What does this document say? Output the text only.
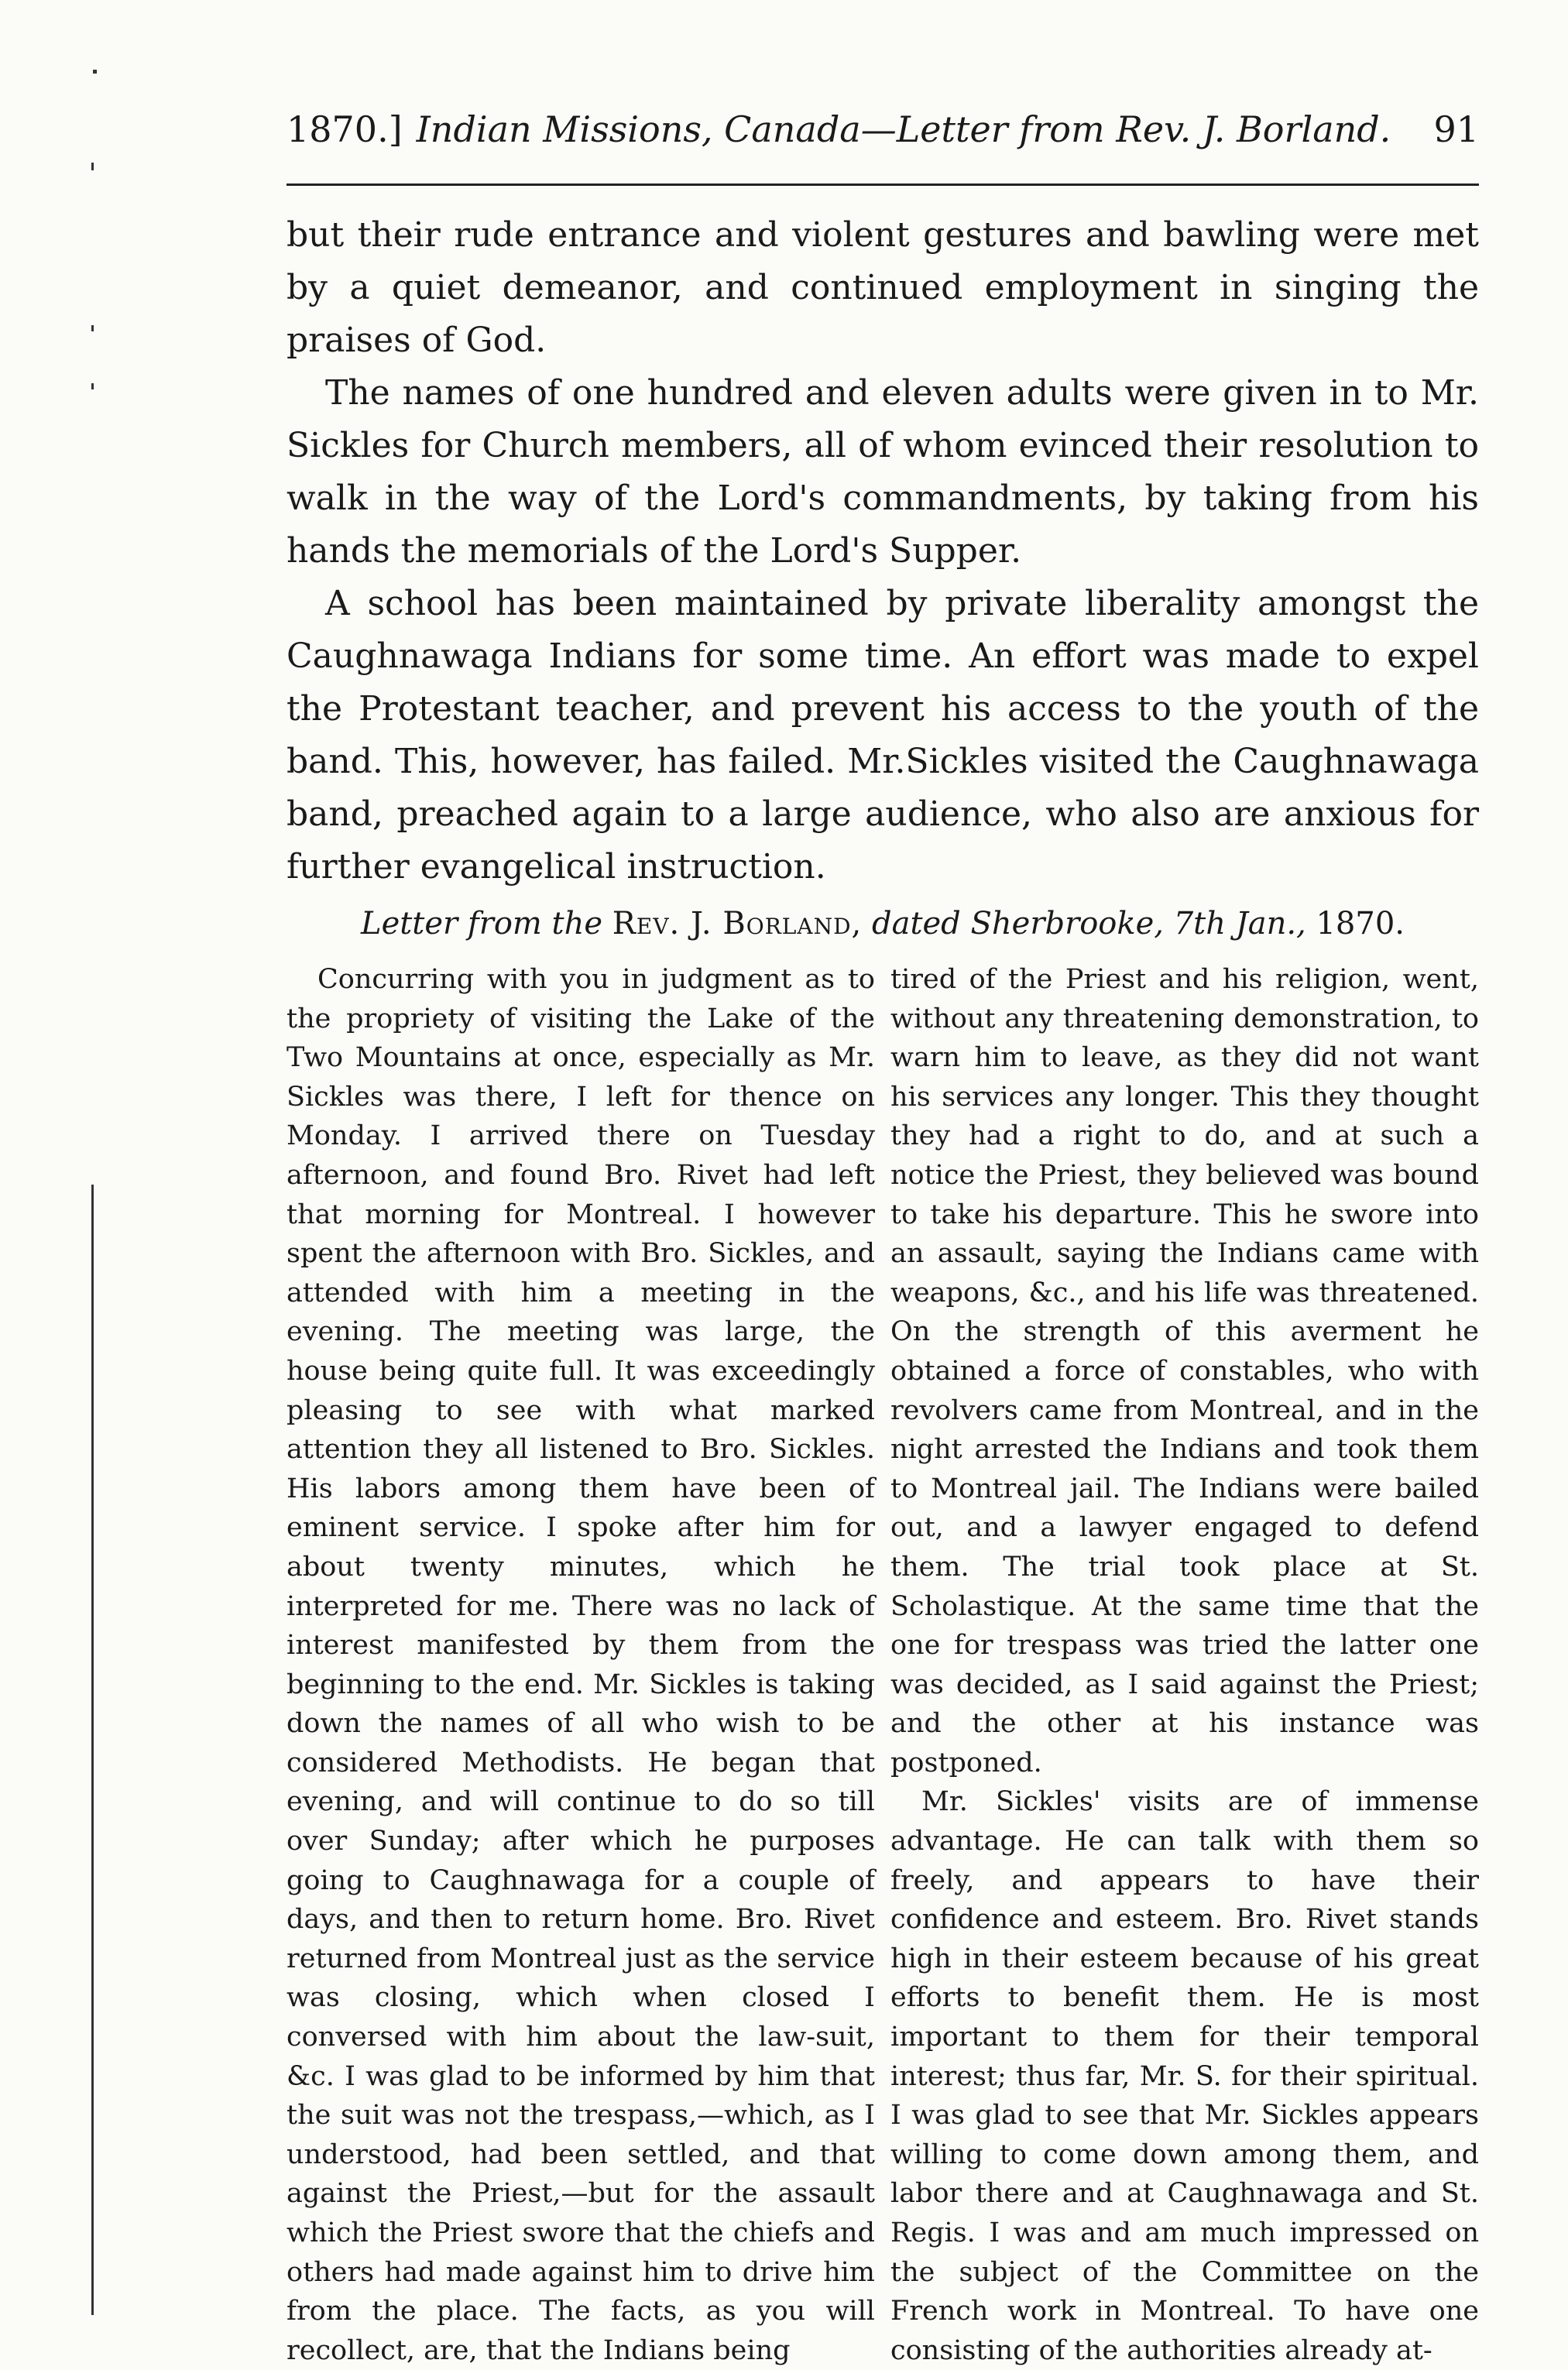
1870.] Indian Missions, Canada—Letter from Rev. J. Borland.	91

but their rude entrance and violent gestures and bawling were met by a quiet demeanor, and continued employment in singing the praises of God.

The names of one hundred and eleven adults were given in to Mr. Sickles for Church members, all of whom evinced their resolution to walk in the way of the Lord's commandments, by taking from his hands the memorials of the Lord's Supper.

A school has been maintained by private liberality amongst the Caughnawaga Indians for some time. An effort was made to expel the Protestant teacher, and prevent his access to the youth of the band. This, however, has failed. Mr.Sickles visited the Caughnawaga band, preached again to a large audience, who also are anxious for further evangelical instruction.

Letter from the Rev. J. Borland, dated Sherbrooke, 7th Jan., 1870.

Concurring with you in judgment as to the propriety of visiting the Lake of the Two Mountains at once, especially as Mr. Sickles was there, I left for thence on Monday. I arrived there on Tuesday afternoon, and found Bro. Rivet had left that morning for Montreal. I however spent the afternoon with Bro. Sickles, and attended with him a meeting in the evening. The meeting was large, the house being quite full. It was exceedingly pleasing to see with what marked attention they all listened to Bro. Sickles. His labors among them have been of eminent service. I spoke after him for about twenty minutes, which he interpreted for me. There was no lack of interest manifested by them from the beginning to the end. Mr. Sickles is taking down the names of all who wish to be considered Methodists. He began that evening, and will continue to do so till over Sunday; after which he purposes going to Caughnawaga for a couple of days, and then to return home. Bro. Rivet returned from Montreal just as the service was closing, which when closed I conversed with him about the law-suit, &c. I was glad to be informed by him that the suit was not the trespass,—which, as I understood, had been settled, and that against the Priest,—but for the assault which the Priest swore that the chiefs and others had made against him to drive him from the place. The facts, as you will recollect, are, that the Indians being

tired of the Priest and his religion, went, without any threatening demonstration, to warn him to leave, as they did not want his services any longer. This they thought they had a right to do, and at such a notice the Priest, they believed was bound to take his departure. This he swore into an assault, saying the Indians came with weapons, &c., and his life was threatened. On the strength of this averment he obtained a force of constables, who with revolvers came from Montreal, and in the night arrested the Indians and took them to Montreal jail. The Indians were bailed out, and a lawyer engaged to defend them. The trial took place at St. Scholastique. At the same time that the one for trespass was tried the latter one was decided, as I said against the Priest; and the other at his instance was postponed.

Mr. Sickles' visits are of immense advantage. He can talk with them so freely, and appears to have their confidence and esteem. Bro. Rivet stands high in their esteem because of his great efforts to benefit them. He is most important to them for their temporal interest; thus far, Mr. S. for their spiritual. I was glad to see that Mr. Sickles appears willing to come down among them, and labor there and at Caughnawaga and St. Regis. I was and am much impressed on the subject of the Committee on the French work in Montreal. To have one consisting of the authorities already at-
